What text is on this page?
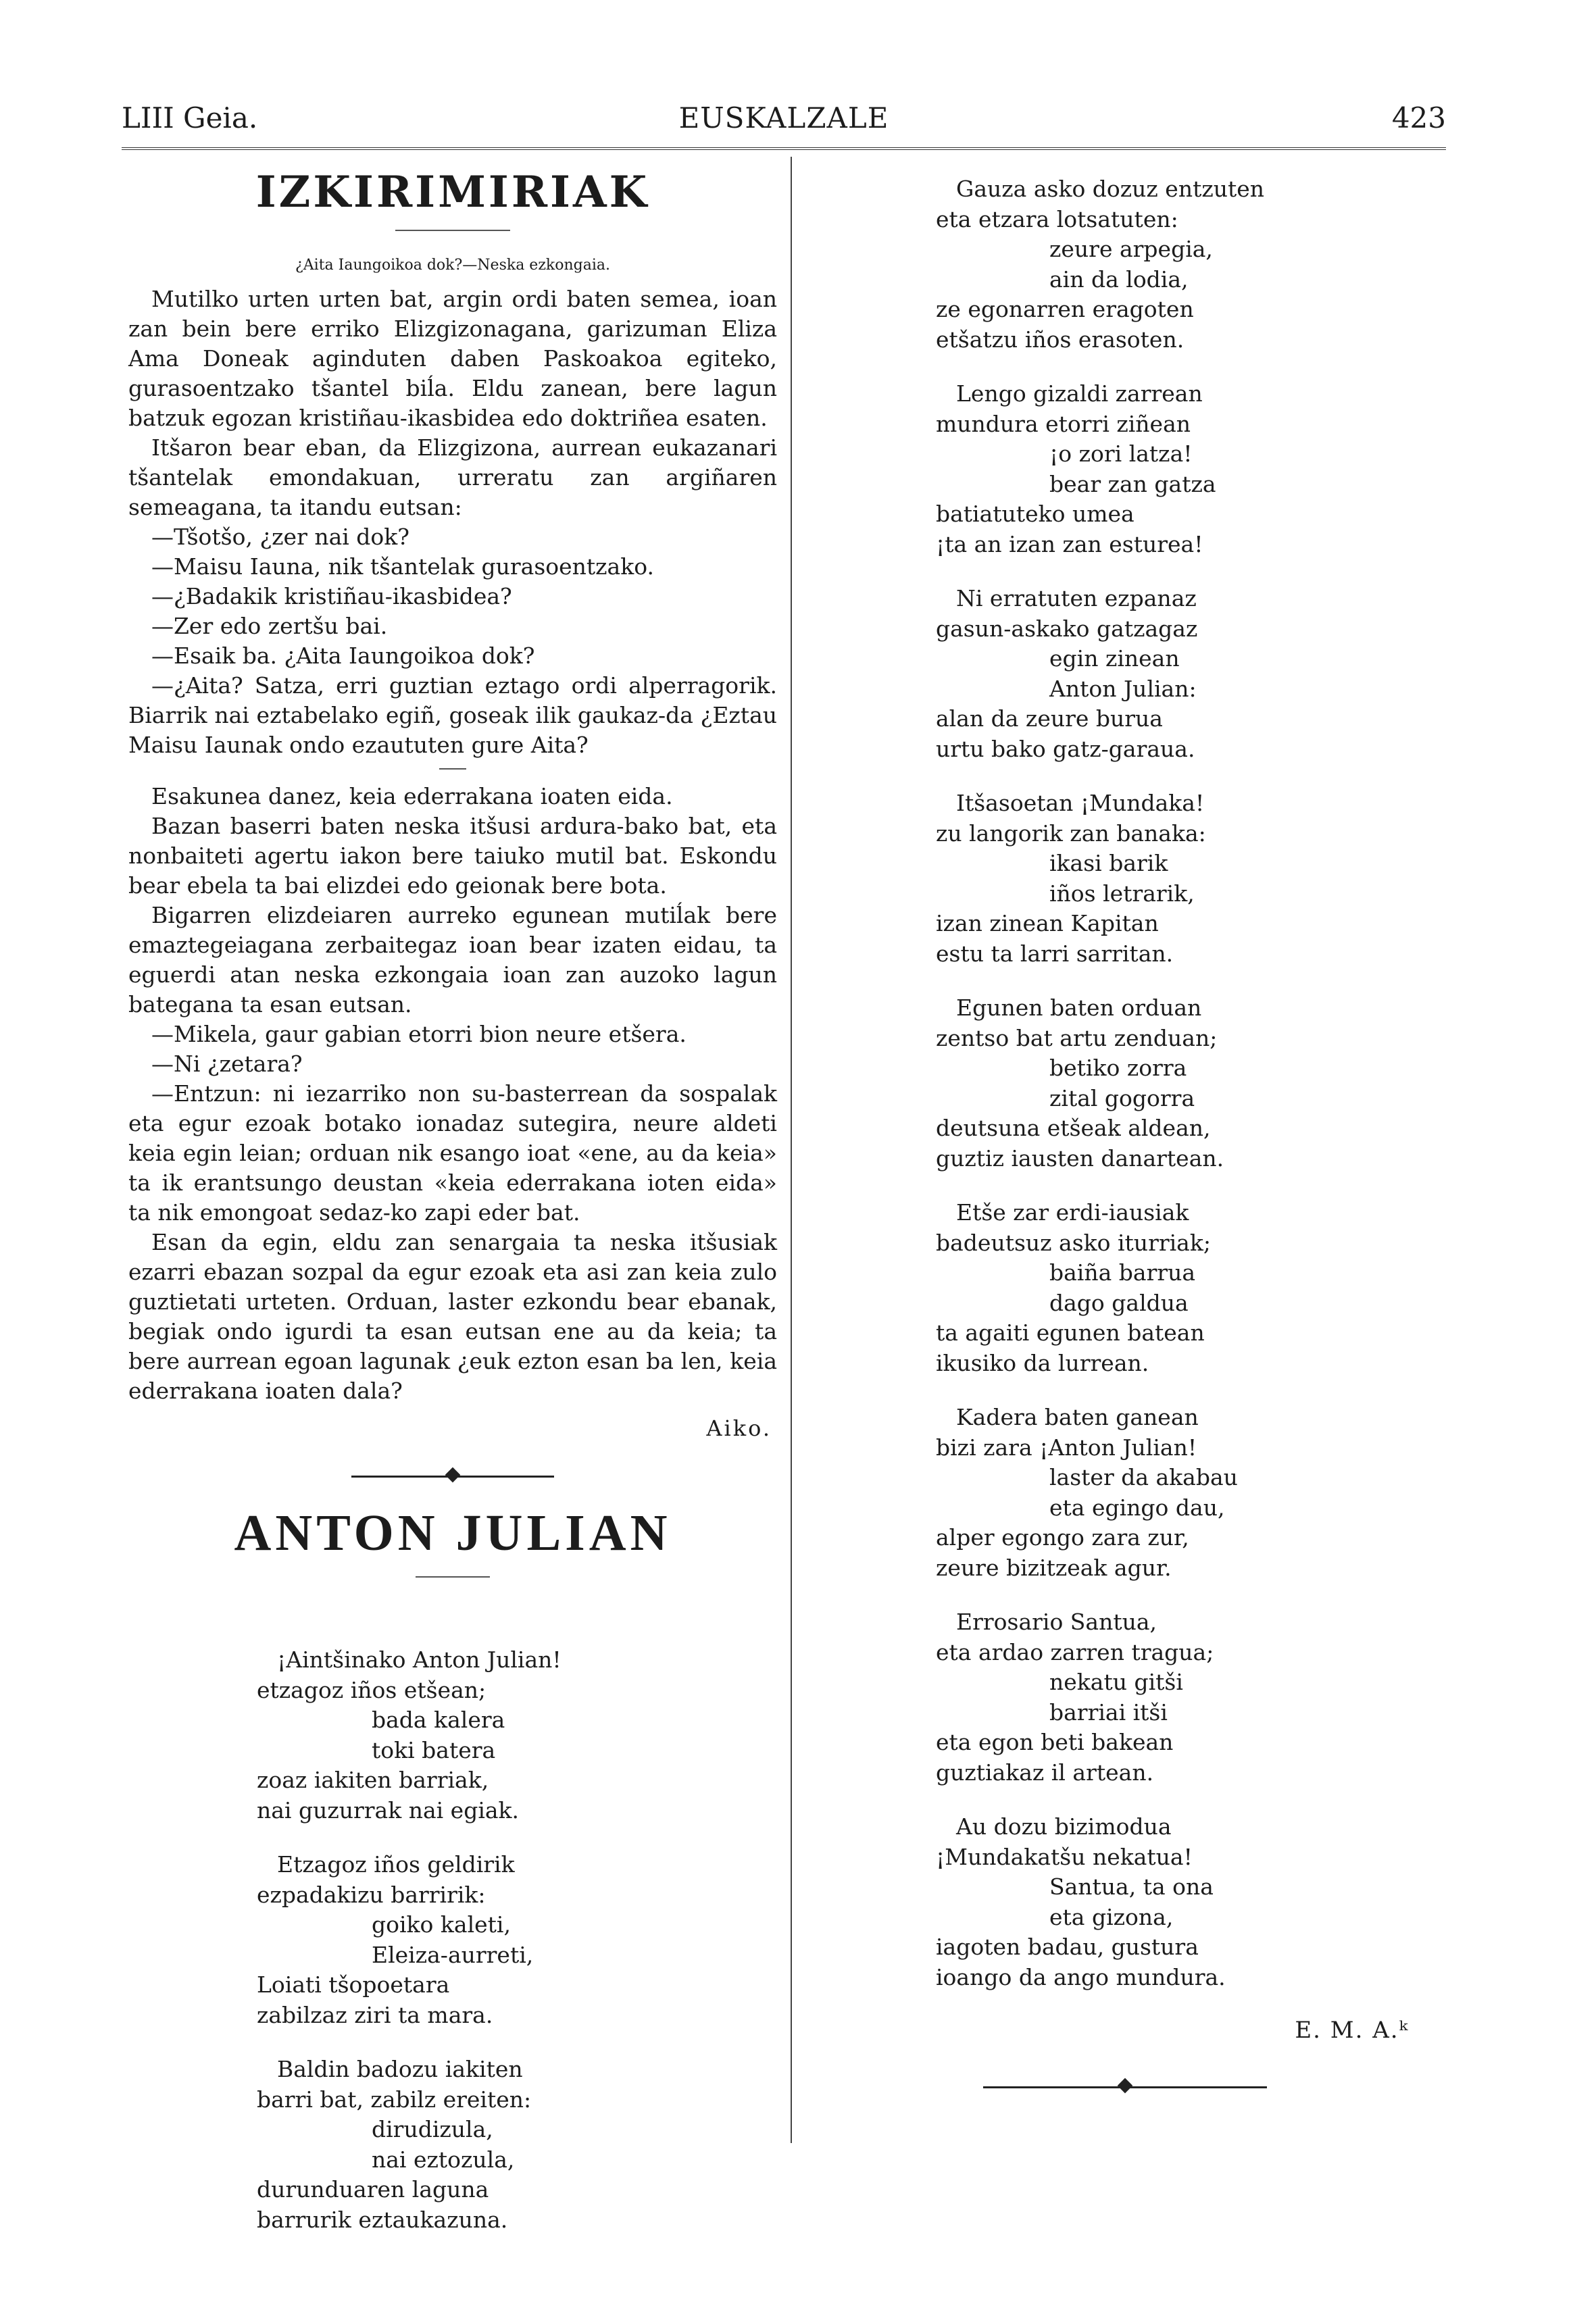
LIII Geia.	EUSKALZALE	423
IZKIRIMIRIAK
¿Aita Iaungoikoa dok?—Neska ezkongaia.

Mutilko urten urten bat, argin ordi baten semea, ioan zan bein bere erriko Elizgizonagana, garizuman Eliza Ama Doneak aginduten daben Paskoakoa egiteko, gurasoentzako tšantel biĺa. Eldu zanean, bere lagun batzuk egozan kristiñau-ikasbidea edo doktriñea esaten.

Itšaron bear eban, da Elizgizona, aurrean eukazanari tšantelak emondakuan, urreratu zan argiñaren semeagana, ta itandu eutsan:

—Tšotšo, ¿zer nai dok?

—Maisu Iauna, nik tšantelak gurasoentzako.

—¿Badakik kristiñau-ikasbidea?

—Zer edo zertšu bai.

—Esaik ba. ¿Aita Iaungoikoa dok?

—¿Aita? Satza, erri guztian eztago ordi alperragorik. Biarrik nai eztabelako egiñ, goseak ilik gaukaz-da ¿Eztau Maisu Iaunak ondo ezaututen gure Aita?

Esakunea danez, keia ederrakana ioaten eida.

Bazan baserri baten neska itšusi ardura-bako bat, eta nonbaiteti agertu iakon bere taiuko mutil bat. Eskondu bear ebela ta bai elizdei edo geionak bere bota.

Bigarren elizdeiaren aurreko egunean mutiĺak bere emaztegeiagana zerbaitegaz ioan bear izaten eidau, ta eguerdi atan neska ezkongaia ioan zan auzoko lagun bategana ta esan eutsan.

—Mikela, gaur gabian etorri bion neure etšera.

—Ni ¿zetara?

—Entzun: ni iezarriko non su-basterrean da sospalak eta egur ezoak botako ionadaz sutegira, neure aldeti keia egin leian; orduan nik esango ioat «ene, au da keia» ta ik erantsungo deustan «keia ederrakana ioten eida» ta nik emongoat sedaz-ko zapi eder bat.

Esan da egin, eldu zan senargaia ta neska itšusiak ezarri ebazan sozpal da egur ezoak eta asi zan keia zulo guztietati urteten. Orduan, laster ezkondu bear ebanak, begiak ondo igurdi ta esan eutsan ene au da keia; ta bere aurrean egoan lagunak ¿euk ezton esan ba len, keia ederrakana ioaten dala?

Aiko.
ANTON JULIAN
¡Aintšinako Anton Julian!
etzagoz iños etšean;
bada kalera
toki batera
zoaz iakiten barriak,
nai guzurrak nai egiak.
Etzagoz iños geldirik
ezpadakizu barririk:
goiko kaleti,
Eleiza-aurreti,
Loiati tšopoetara
zabilzaz ziri ta mara.
Baldin badozu iakiten
barri bat, zabilz ereiten:
dirudizula,
nai eztozula,
durunduaren laguna
barrurik eztaukazuna.
Gauza asko dozuz entzuten
eta etzara lotsatuten:
zeure arpegia,
ain da lodia,
ze egonarren eragoten
etšatzu iños erasoten.
Lengo gizaldi zarrean
mundura etorri ziñean
¡o zori latza!
bear zan gatza
batiatuteko umea
¡ta an izan zan esturea!
Ni erratuten ezpanaz
gasun-askako gatzagaz
egin zinean
Anton Julian:
alan da zeure burua
urtu bako gatz-garaua.
Itšasoetan ¡Mundaka!
zu langorik zan banaka:
ikasi barik
iños letrarik,
izan zinean Kapitan
estu ta larri sarritan.
Egunen baten orduan
zentso bat artu zenduan;
betiko zorra
zital gogorra
deutsuna etšeak aldean,
guztiz iausten danartean.
Etše zar erdi-iausiak
badeutsuz asko iturriak;
baiña barrua
dago galdua
ta agaiti egunen batean
ikusiko da lurrean.
Kadera baten ganean
bizi zara ¡Anton Julian!
laster da akabau
eta egingo dau,
alper egongo zara zur,
zeure bizitzeak agur.
Errosario Santua,
eta ardao zarren tragua;
nekatu gitši
barriai itši
eta egon beti bakean
guztiakaz il artean.
Au dozu bizimodua
¡Mundakatšu nekatua!
Santua, ta ona
eta gizona,
iagoten badau, gustura
ioango da ango mundura.
E. M. A.ᵏ
